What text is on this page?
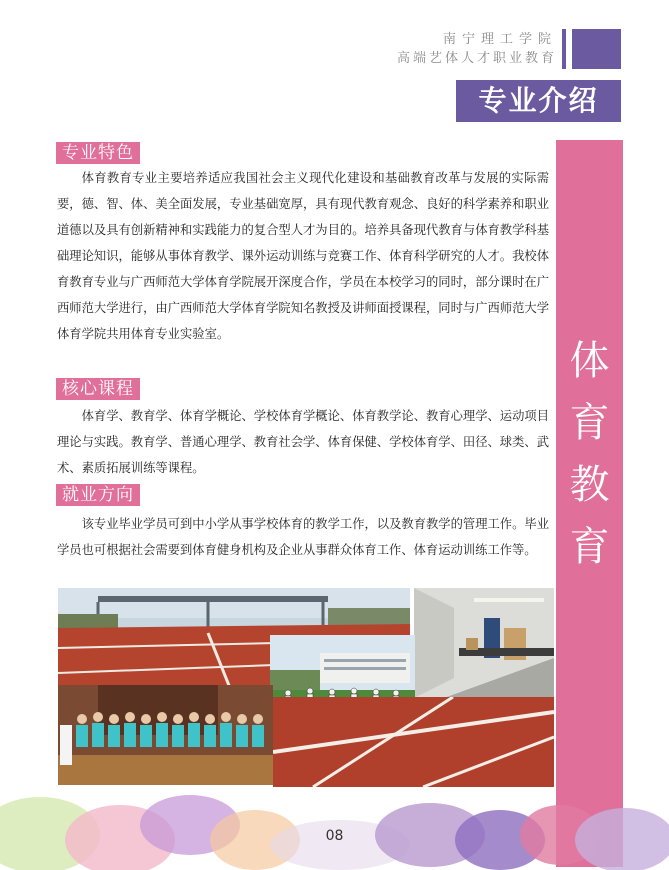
南宁理工学院
高端艺体人才职业教育
专业介绍
体
育
教
育
专业特色

体育教育专业主要培养适应我国社会主义现代化建设和基础教育改革与发展的实际需要，德、智、体、美全面发展，专业基础宽厚，具有现代教育观念、良好的科学素养和职业道德以及具有创新精神和实践能力的复合型人才为目的。培养具备现代教育与体育教学科基础理论知识，能够从事体育教学、课外运动训练与竞赛工作、体育科学研究的人才。我校体育教育专业与广西师范大学体育学院展开深度合作，学员在本校学习的同时，部分课时在广西师范大学进行，由广西师范大学体育学院知名教授及讲师面授课程，同时与广西师范大学体育学院共用体育专业实验室。

核心课程

体育学、教育学、体育学概论、学校体育学概论、体育教学论、教育心理学、运动项目理论与实践。教育学、普通心理学、教育社会学、体育保健、学校体育学、田径、球类、武术、素质拓展训练等课程。

就业方向

该专业毕业学员可到中小学从事学校体育的教学工作，以及教育教学的管理工作。毕业学员也可根据社会需要到体育健身机构及企业从事群众体育工作、体育运动训练工作等。

08
